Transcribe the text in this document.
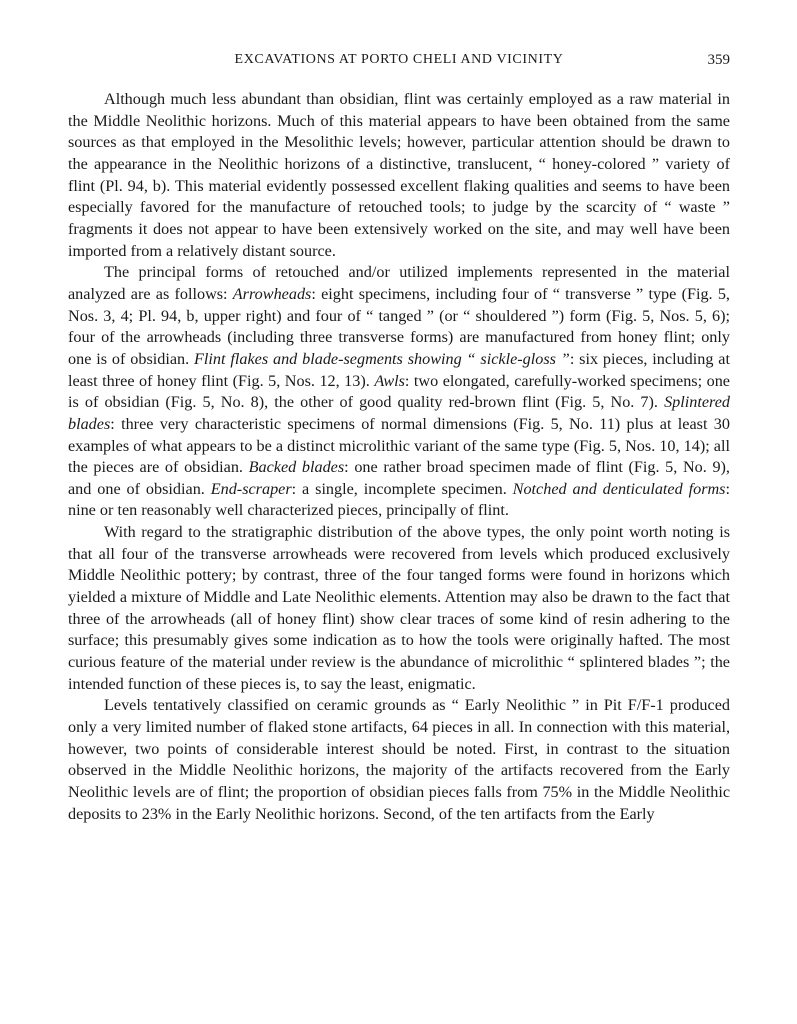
EXCAVATIONS AT PORTO CHELI AND VICINITY	359

Although much less abundant than obsidian, flint was certainly employed as a raw material in the Middle Neolithic horizons. Much of this material appears to have been obtained from the same sources as that employed in the Mesolithic levels; however, particular attention should be drawn to the appearance in the Neolithic horizons of a distinctive, translucent, “ honey-colored ” variety of flint (Pl. 94, b). This material evidently possessed excellent flaking qualities and seems to have been especially favored for the manufacture of retouched tools; to judge by the scarcity of “ waste ” fragments it does not appear to have been extensively worked on the site, and may well have been imported from a relatively distant source.

The principal forms of retouched and/or utilized implements represented in the material analyzed are as follows: Arrowheads: eight specimens, including four of “ transverse ” type (Fig. 5, Nos. 3, 4; Pl. 94, b, upper right) and four of “ tanged ” (or “ shouldered ”) form (Fig. 5, Nos. 5, 6); four of the arrowheads (including three transverse forms) are manufactured from honey flint; only one is of obsidian. Flint flakes and blade-segments showing “ sickle-gloss ”: six pieces, including at least three of honey flint (Fig. 5, Nos. 12, 13). Awls: two elongated, carefully-worked specimens; one is of obsidian (Fig. 5, No. 8), the other of good quality red-brown flint (Fig. 5, No. 7). Splintered blades: three very characteristic specimens of normal dimensions (Fig. 5, No. 11) plus at least 30 examples of what appears to be a distinct microlithic variant of the same type (Fig. 5, Nos. 10, 14); all the pieces are of obsidian. Backed blades: one rather broad specimen made of flint (Fig. 5, No. 9), and one of obsidian. End-scraper: a single, incomplete specimen. Notched and denticulated forms: nine or ten reasonably well characterized pieces, principally of flint.

With regard to the stratigraphic distribution of the above types, the only point worth noting is that all four of the transverse arrowheads were recovered from levels which produced exclusively Middle Neolithic pottery; by contrast, three of the four tanged forms were found in horizons which yielded a mixture of Middle and Late Neolithic elements. Attention may also be drawn to the fact that three of the arrowheads (all of honey flint) show clear traces of some kind of resin adhering to the surface; this presumably gives some indication as to how the tools were originally hafted. The most curious feature of the material under review is the abundance of microlithic “ splintered blades ”; the intended function of these pieces is, to say the least, enigmatic.

Levels tentatively classified on ceramic grounds as “ Early Neolithic ” in Pit F/F-1 produced only a very limited number of flaked stone artifacts, 64 pieces in all. In connection with this material, however, two points of considerable interest should be noted. First, in contrast to the situation observed in the Middle Neolithic horizons, the majority of the artifacts recovered from the Early Neolithic levels are of flint; the proportion of obsidian pieces falls from 75% in the Middle Neolithic deposits to 23% in the Early Neolithic horizons. Second, of the ten artifacts from the Early
